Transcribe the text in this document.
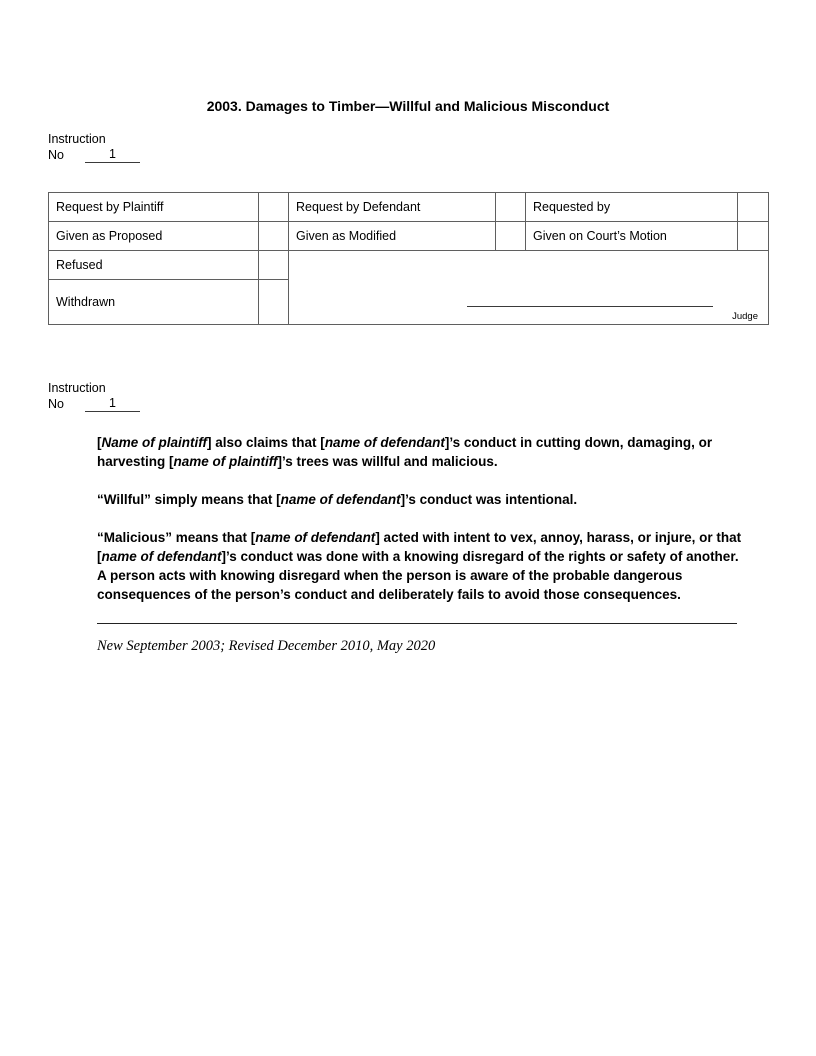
2003. Damages to Timber—Willful and Malicious Misconduct
Instruction
No	1
Request by Plaintiff		Request by Defendant		Requested by	
Given as Proposed		Given as Modified		Given on Court’s Motion	
Refused		Judge			

Withdrawn					
Instruction
No	1

[Name of plaintiff] also claims that [name of defendant]’s conduct in cutting down, damaging, or harvesting [name of plaintiff]’s trees was willful and malicious.

“Willful” simply means that [name of defendant]’s conduct was intentional.

“Malicious” means that [name of defendant] acted with intent to vex, annoy, harass, or injure, or that [name of defendant]’s conduct was done with a knowing disregard of the rights or safety of another. A person acts with knowing disregard when the person is aware of the probable dangerous consequences of the person’s conduct and deliberately fails to avoid those consequences.

New September 2003; Revised December 2010, May 2020
